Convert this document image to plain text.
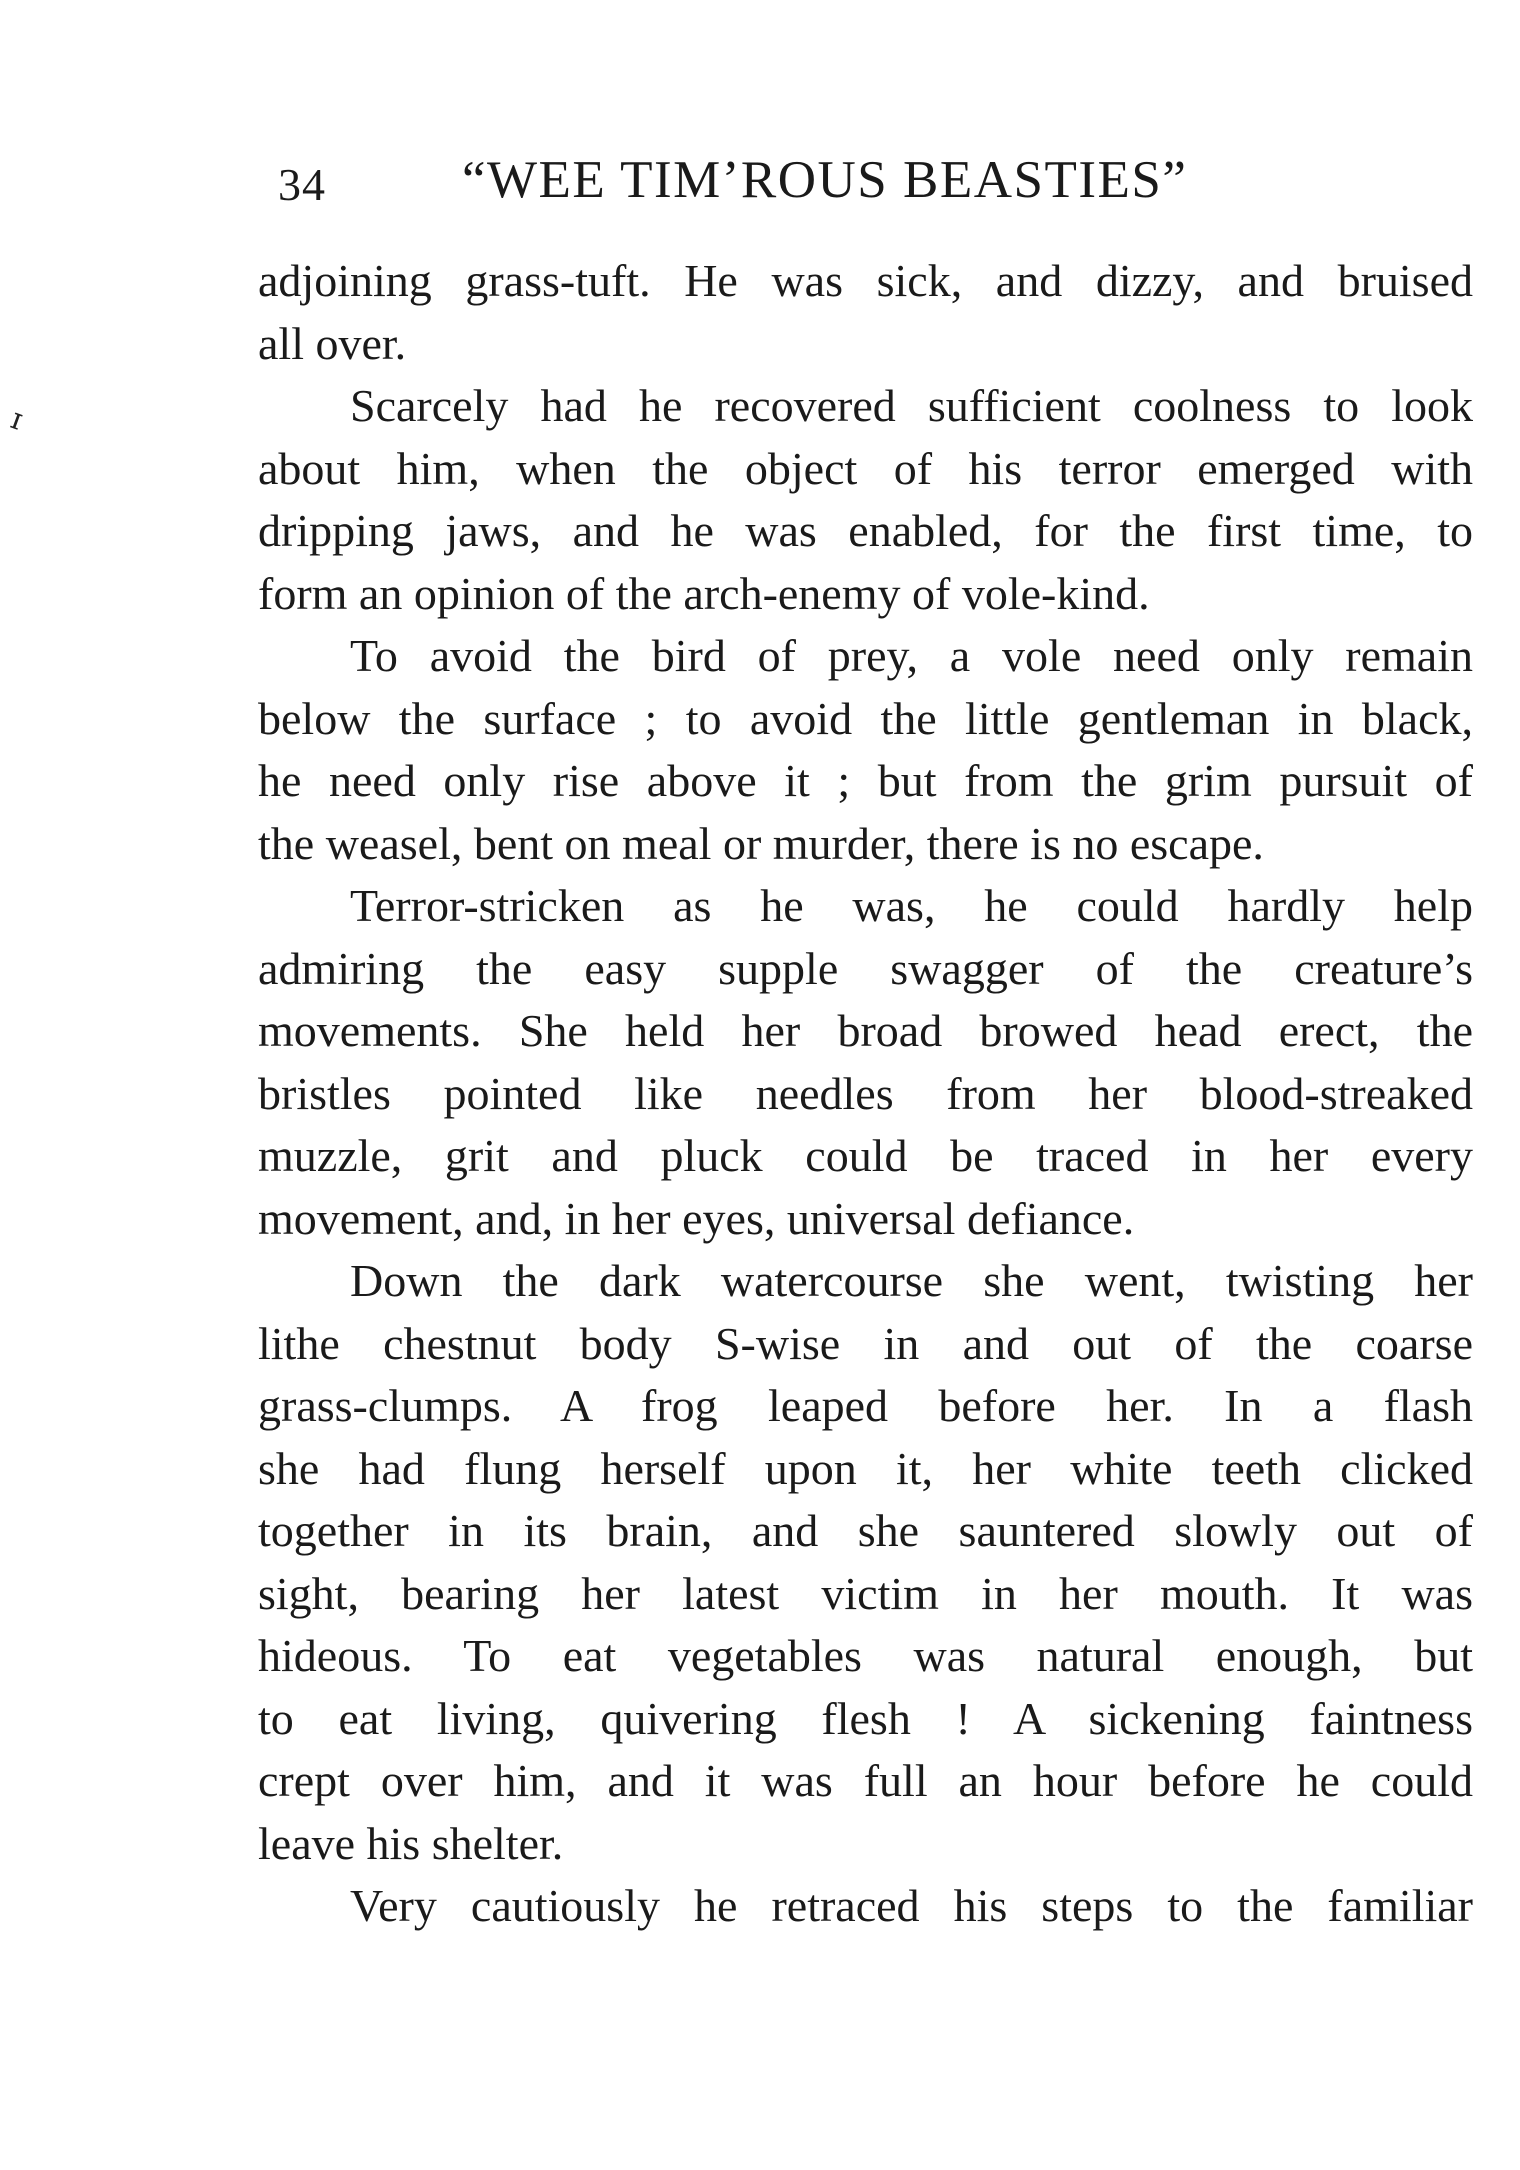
34	“WEE TIM’ROUS BEASTIES”
ɪ
adjoining grass-tuft. He was sick, and dizzy, and bruised
all over.
Scarcely had he recovered sufficient coolness to look
about him, when the object of his terror emerged with
dripping jaws, and he was enabled, for the first time, to
form an opinion of the arch-enemy of vole-kind.
To avoid the bird of prey, a vole need only remain
below the surface ; to avoid the little gentleman in black,
he need only rise above it ; but from the grim pursuit of
the weasel, bent on meal or murder, there is no escape.
Terror-stricken as he was, he could hardly help
admiring the easy supple swagger of the creature’s
movements. She held her broad browed head erect, the
bristles pointed like needles from her blood-streaked
muzzle, grit and pluck could be traced in her every
movement, and, in her eyes, universal defiance.
Down the dark watercourse she went, twisting her
lithe chestnut body S-wise in and out of the coarse
grass-clumps. A frog leaped before her. In a flash
she had flung herself upon it, her white teeth clicked
together in its brain, and she sauntered slowly out of
sight, bearing her latest victim in her mouth. It was
hideous. To eat vegetables was natural enough, but
to eat living, quivering flesh ! A sickening faintness
crept over him, and it was full an hour before he could
leave his shelter.
Very cautiously he retraced his steps to the familiar
